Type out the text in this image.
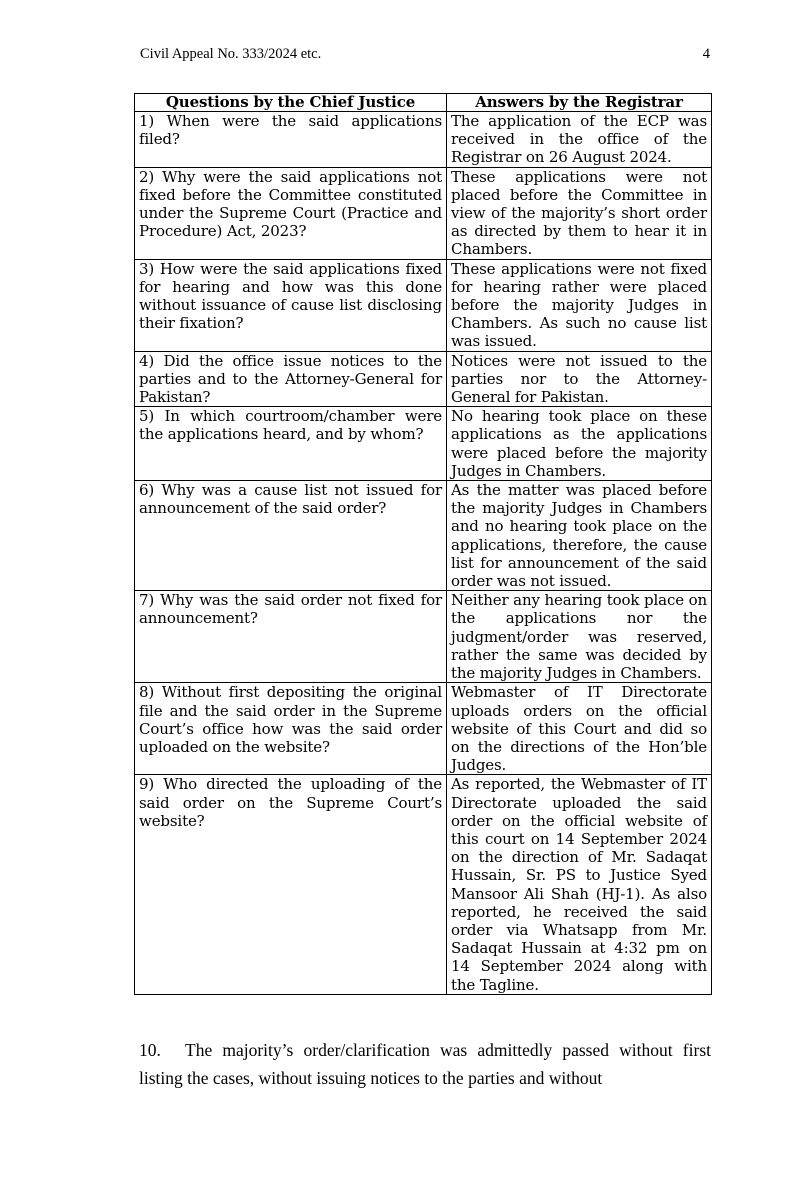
Civil Appeal No. 333/2024 etc.	4
Questions by the Chief Justice	Answers by the Registrar
1) When were the said applications filed?	The application of the ECP was received in the office of the Registrar on 26 August 2024.
2) Why were the said applications not fixed before the Committee constituted under the Supreme Court (Practice and Procedure) Act, 2023?	These applications were not placed before the Committee in view of the majority’s short order as directed by them to hear it in Chambers.
3) How were the said applications fixed for hearing and how was this done without issuance of cause list disclosing their fixation?	These applications were not fixed for hearing rather were placed before the majority Judges in Chambers. As such no cause list was issued.
4) Did the office issue notices to the parties and to the Attorney-General for Pakistan?	Notices were not issued to the parties nor to the Attorney-General for Pakistan.
5) In which courtroom/chamber were the applications heard, and by whom?	No hearing took place on these applications as the applications were placed before the majority Judges in Chambers.
6) Why was a cause list not issued for announcement of the said order?	As the matter was placed before the majority Judges in Chambers and no hearing took place on the applications, therefore, the cause list for announcement of the said order was not issued.
7) Why was the said order not fixed for announcement?	Neither any hearing took place on the applications nor the judgment/order was reserved, rather the same was decided by the majority Judges in Chambers.
8) Without first depositing the original file and the said order in the Supreme Court’s office how was the said order uploaded on the website?	Webmaster of IT Directorate uploads orders on the official website of this Court and did so on the directions of the Hon’ble Judges.
9) Who directed the uploading of the said order on the Supreme Court’s website?	As reported, the Webmaster of IT Directorate uploaded the said order on the official website of this court on 14 September 2024 on the direction of Mr. Sadaqat Hussain, Sr. PS to Justice Syed Mansoor Ali Shah (HJ-1). As also reported, he received the said order via Whatsapp from Mr. Sadaqat Hussain at 4:32 pm on 14 September 2024 along with the Tagline.
10. The majority’s order/clarification was admittedly passed without first listing the cases, without issuing notices to the parties and without
